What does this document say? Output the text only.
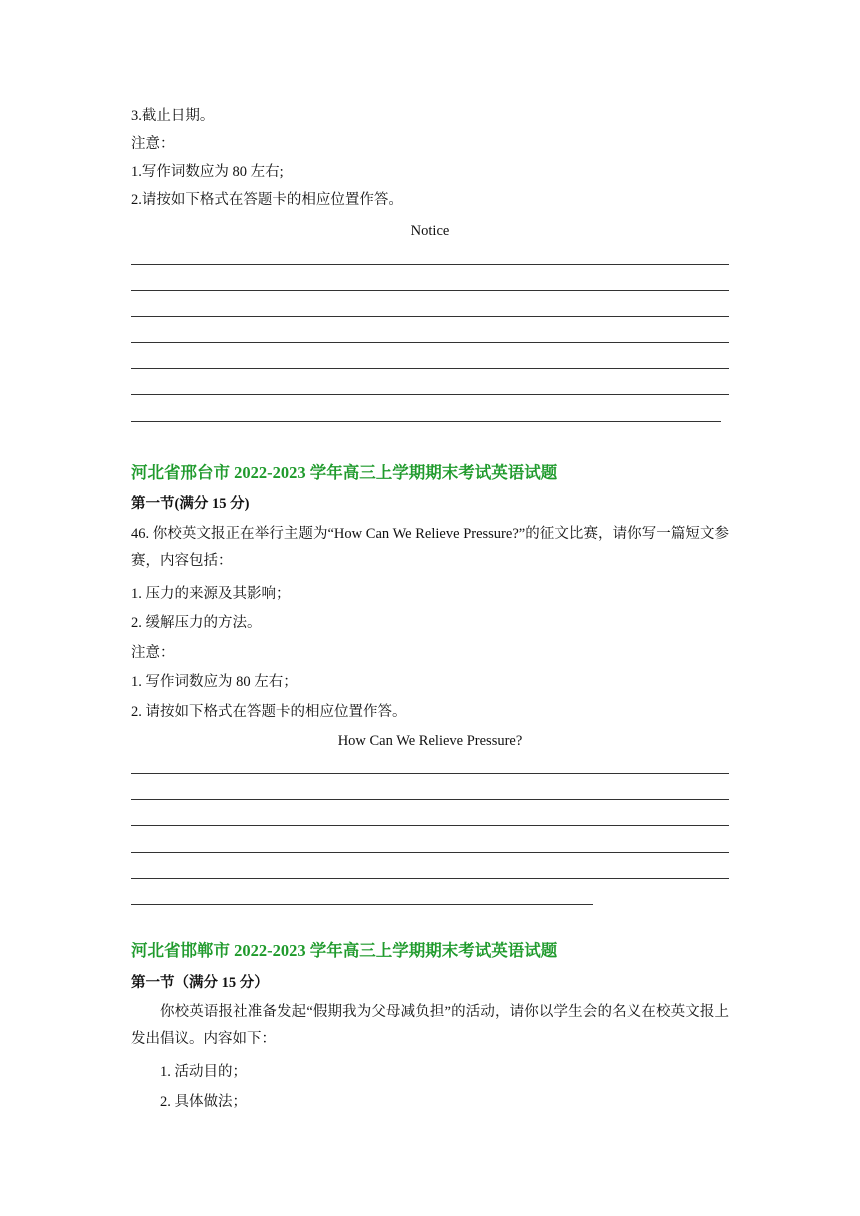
3.截止日期。
注意：
1.写作词数应为 80 左右;
2.请按如下格式在答题卡的相应位置作答。
Notice
河北省邢台市 2022-2023 学年高三上学期期末考试英语试题
第一节(满分 15 分)
46. 你校英文报正在举行主题为“How Can We Relieve Pressure?”的征文比赛，请你写一篇短文参赛，内容包括：
1. 压力的来源及其影响；
2. 缓解压力的方法。
注意：
1. 写作词数应为 80 左右；
2. 请按如下格式在答题卡的相应位置作答。
How Can We Relieve Pressure?
河北省邯郸市 2022-2023 学年高三上学期期末考试英语试题
第一节（满分 15 分）
你校英语报社准备发起“假期我为父母减负担”的活动，请你以学生会的名义在校英文报上发出倡议。内容如下：
1. 活动目的；
2. 具体做法；
